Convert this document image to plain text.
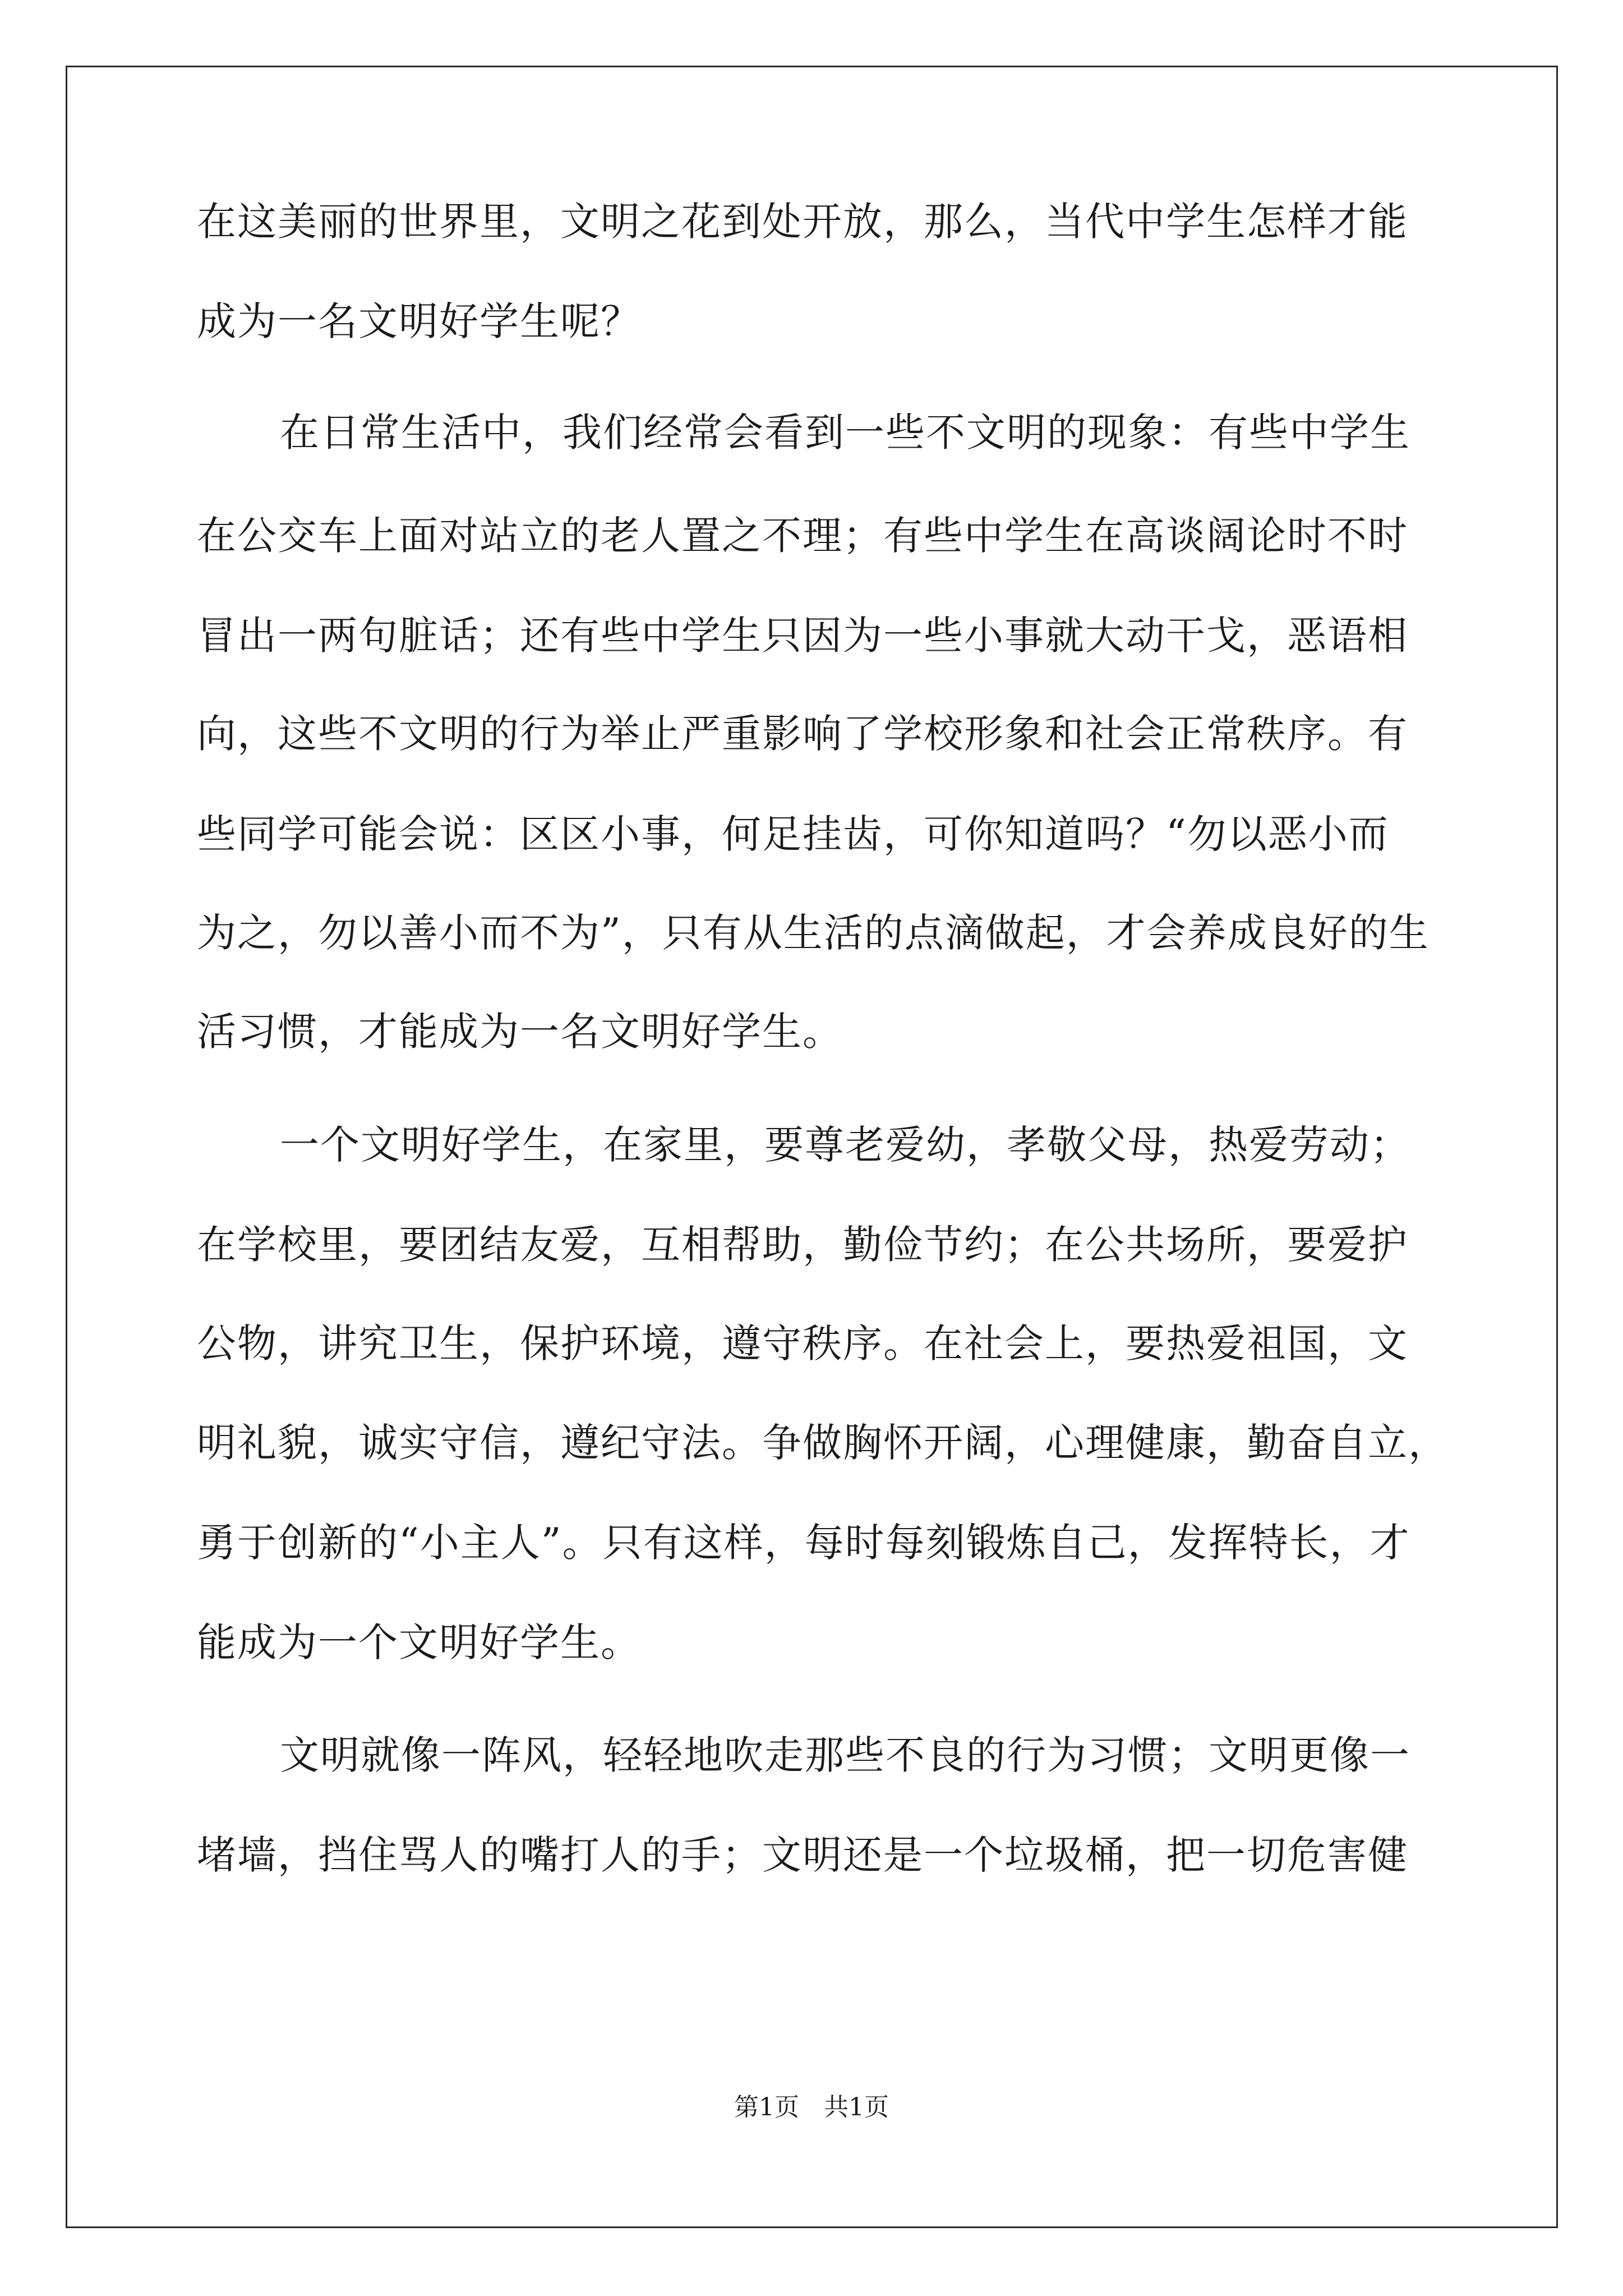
在这美丽的世界里，文明之花到处开放，那么，当代中学生怎样才能
成为一名文明好学生呢？
在日常生活中，我们经常会看到一些不文明的现象：有些中学生
在公交车上面对站立的老人置之不理；有些中学生在高谈阔论时不时
冒出一两句脏话；还有些中学生只因为一些小事就大动干戈，恶语相
向，这些不文明的行为举止严重影响了学校形象和社会正常秩序。有
些同学可能会说：区区小事，何足挂齿，可你知道吗？“勿以恶小而
为之，勿以善小而不为”，只有从生活的点滴做起，才会养成良好的生
活习惯，才能成为一名文明好学生。
一个文明好学生，在家里，要尊老爱幼，孝敬父母，热爱劳动；
在学校里，要团结友爱，互相帮助，勤俭节约；在公共场所，要爱护
公物，讲究卫生，保护环境，遵守秩序。在社会上，要热爱祖国，文
明礼貌，诚实守信，遵纪守法。争做胸怀开阔，心理健康，勤奋自立，
勇于创新的“小主人”。只有这样，每时每刻锻炼自己，发挥特长，才
能成为一个文明好学生。
文明就像一阵风，轻轻地吹走那些不良的行为习惯；文明更像一
堵墙，挡住骂人的嘴打人的手；文明还是一个垃圾桶，把一切危害健
第1页　共1页
